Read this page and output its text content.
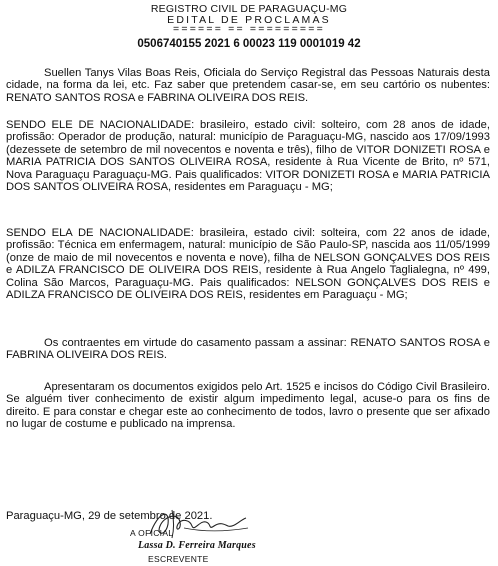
REGISTRO CIVIL DE PARAGUAÇU-MG
EDITAL DE PROCLAMAS
====== == =========
0506740155 2021 6 00023 119 0001019 42
Suellen Tanys Vilas Boas Reis, Oficiala do Serviço Registral das Pessoas Naturais desta cidade, na forma da lei, etc. Faz saber que pretendem casar-se, em seu cartório os nubentes: RENATO SANTOS ROSA e FABRINA OLIVEIRA DOS REIS.
SENDO ELE DE NACIONALIDADE: brasileiro, estado civil: solteiro, com 28 anos de idade, profissão: Operador de produção, natural: município de Paraguaçu-MG, nascido aos 17/09/1993 (dezessete de setembro de mil novecentos e noventa e três), filho de VITOR DONIZETI ROSA e MARIA PATRICIA DOS SANTOS OLIVEIRA ROSA, residente à Rua Vicente de Brito, nº 571, Nova Paraguaçu Paraguaçu-MG. Pais qualificados: VITOR DONIZETI ROSA e MARIA PATRICIA DOS SANTOS OLIVEIRA ROSA, residentes em Paraguaçu - MG;
SENDO ELA DE NACIONALIDADE: brasileira, estado civil: solteira, com 22 anos de idade, profissão: Técnica em enfermagem, natural: município de São Paulo-SP, nascida aos 11/05/1999 (onze de maio de mil novecentos e noventa e nove), filha de NELSON GONÇALVES DOS REIS e ADILZA FRANCISCO DE OLIVEIRA DOS REIS, residente à Rua Angelo Taglialegna, nº 499, Colina São Marcos, Paraguaçu-MG. Pais qualificados: NELSON GONÇALVES DOS REIS e ADILZA FRANCISCO DE OLIVEIRA DOS REIS, residentes em Paraguaçu - MG;
Os contraentes em virtude do casamento passam a assinar: RENATO SANTOS ROSA e FABRINA OLIVEIRA DOS REIS.
Apresentaram os documentos exigidos pelo Art. 1525 e incisos do Código Civil Brasileiro. Se alguém tiver conhecimento de existir algum impedimento legal, acuse-o para os fins de direito. E para constar e chegar este ao conhecimento de todos, lavro o presente que ser afixado no lugar de costume e publicado na imprensa.
Paraguaçu-MG, 29 de setembro de 2021.
A OFICIAL
Lassa D. Ferreira Marques
ESCREVENTE
